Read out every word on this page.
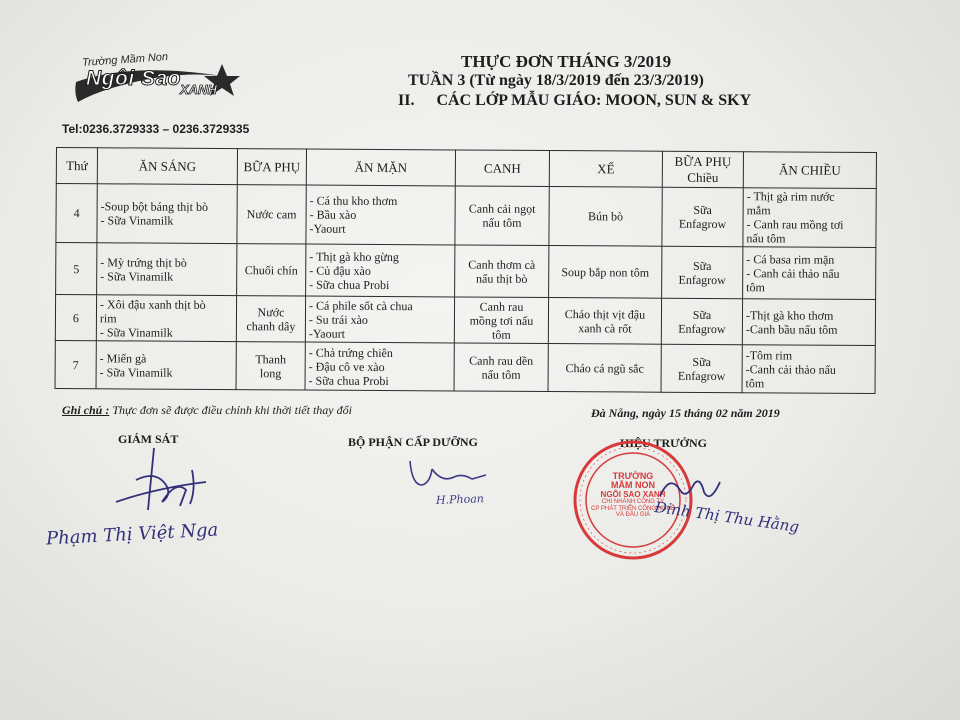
Trường Mầm Non
Ngôi Sao
XANH
THỰC ĐƠN THÁNG 3/2019
TUẦN 3 (Từ ngày 18/3/2019 đến 23/3/2019)
II. CÁC LỚP MẪU GIÁO: MOON, SUN & SKY
Tel:0236.3729333 – 0236.3729335
Thứ	ĂN SÁNG	BỮA PHỤ	ĂN MẶN	CANH	XẾ	BỮA PHỤ Chiều	ĂN CHIỀU
4	-Soup bột báng thịt bò
- Sữa Vinamilk	Nước cam	- Cá thu kho thơm
- Bầu xào
-Yaourt	Canh cải ngọt
nấu tôm	Bún bò	Sữa
Enfagrow	- Thịt gà rim nước
mắm
- Canh rau mồng tơi
nấu tôm

5	- Mỳ trứng thịt bò
- Sữa Vinamilk	Chuối chín	- Thịt gà kho gừng
- Củ đậu xào
- Sữa chua Probi	Canh thơm cà
nấu thịt bò	Soup bắp non tôm	Sữa
Enfagrow	- Cá basa rim mặn
- Canh cải thảo nấu
tôm

6	- Xôi đậu xanh thịt bò
rim
- Sữa Vinamilk	Nước
chanh dây	- Cá phile sốt cà chua
- Su trái xào
-Yaourt	Canh rau
mồng tơi nấu
tôm	Cháo thịt vịt đậu
xanh cà rốt	Sữa
Enfagrow	-Thịt gà kho thơm
-Canh bầu nấu tôm

7	- Miến gà
- Sữa Vinamilk	Thanh
long	- Chả trứng chiên
- Đậu cô ve xào
- Sữa chua Probi	Canh rau dền
nấu tôm	Cháo cá ngũ sắc	Sữa
Enfagrow	-Tôm rim
-Canh cải thảo nấu
tôm
Ghi chú : Thực đơn sẽ được điều chỉnh khi thời tiết thay đổi	Đà Nẵng, ngày 15 tháng 02 năm 2019
GIÁM SÁT	BỘ PHẬN CẤP DƯỠNG	HIỆU TRƯỞNG
Phạm Thị Việt Nga
H.Phoan
TRƯỜNG
MẦM NON
NGÔI SAO XANH
CHI NHÁNH CÔNG TY
CP PHÁT TRIỂN CÔNG NGHỆ
VÀ ĐẦU GIÁ Đinh Thị Thu Hằng
